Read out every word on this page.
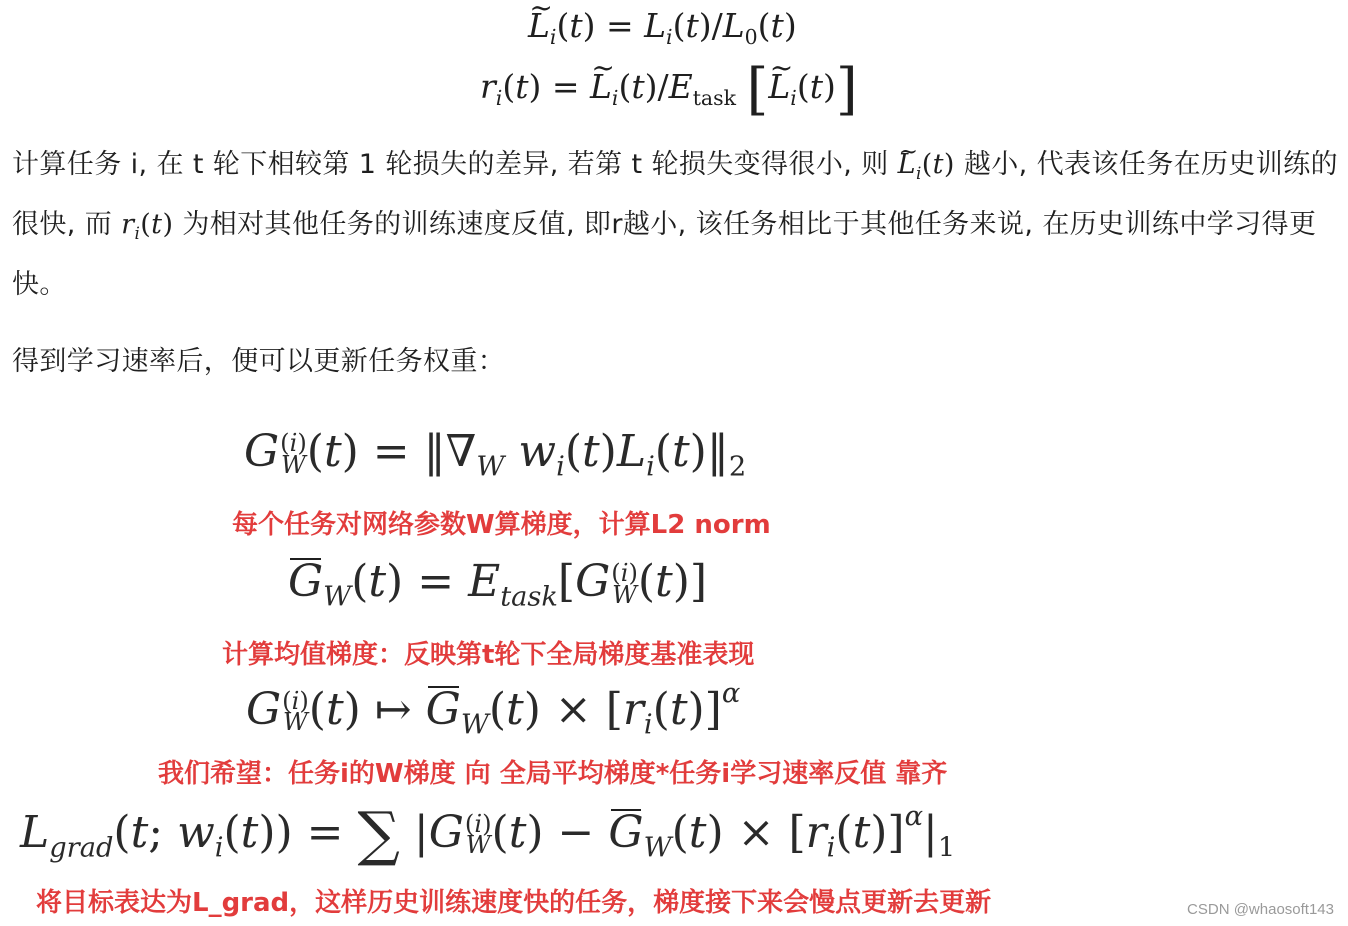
~ $L_i(t) = L_i(t)/L_0(t)$
$r_i(t)$ = ~ $L_i(t)/E_{task}$ [~ $L_i(t)$]
计算任务 i, 在 t 轮下相较第 1 轮损失的差异, 若第 t 轮损失变得很小, 则 ~ $L_i(t)$ 越小, 代表该任务在历史训练的很快, 而 $r_i(t)$ 为相对其他任务的训练速度反值, 即r越小, 该任务相比于其他任务来说, 在历史训练中学习得更快。
得到学习速率后，便可以更新任务权重：
G (i)
W $(t) = ‖\nabla_W$ $w_i(t)L_i(t)‖_2$
每个任务对网络参数W算梯度，计算L2 norm
$G_W(t) = E_{task}[G$ (i)
W (t)]
计算均值梯度：反映第t轮下全局梯度基准表现
G (i)
W (t) ↦ $G_W(t) \times [r_i(t)]^\alpha$
我们希望：任务i的W梯度 向 全局平均梯度*任务i学习速率反值 靠齐
$L_{grad}(t$; $w_i(t)$) = ∑ |G (i)
W $(t) - G_W(t) \times [r_i(t)]^\alpha|_1$
将目标表达为L_grad，这样历史训练速度快的任务，梯度接下来会慢点更新去更新	CSDN @whaosoft143
